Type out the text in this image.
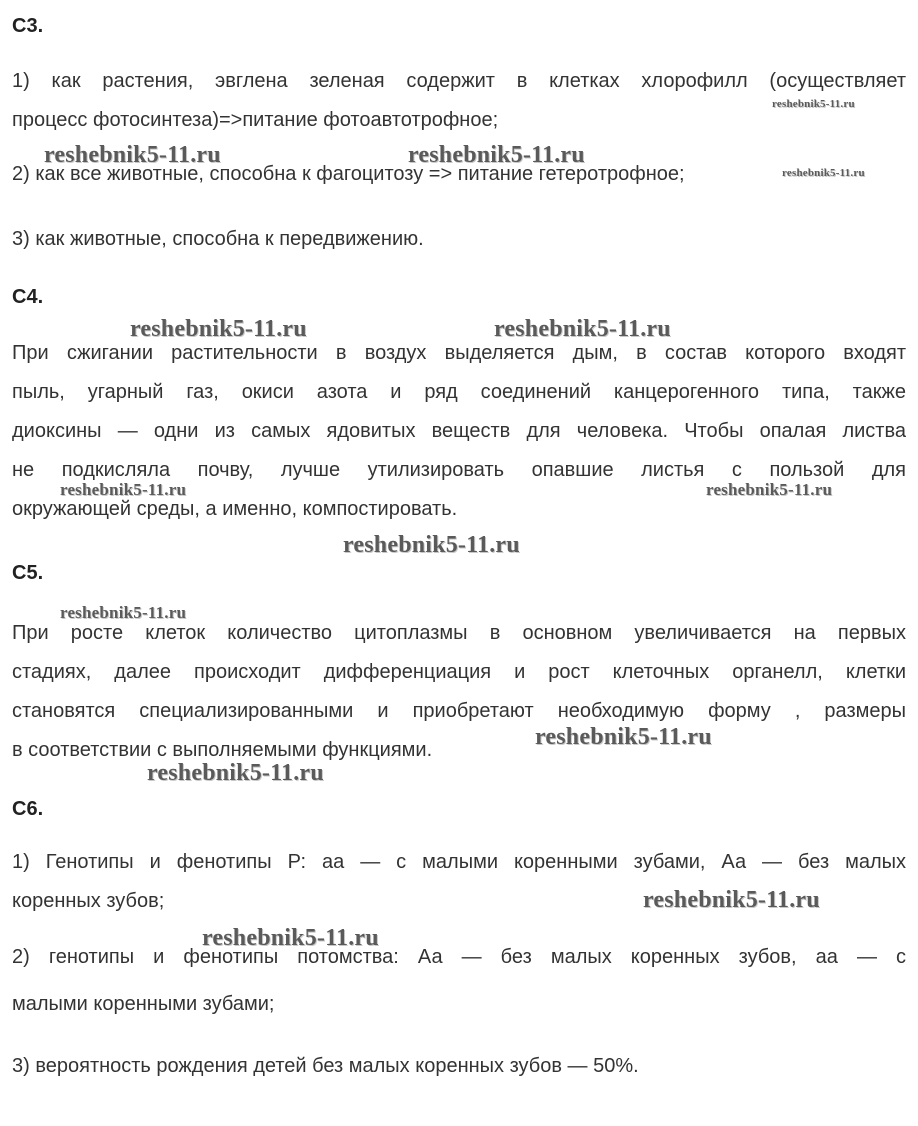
С3.
1) как растения, эвглена зеленая содержит в клетках хлорофилл (осуществляет
процесс фотосинтеза)=>питание фотоавтотрофное;
2) как все животные, способна к фагоцитозу => питание гетеротрофное;
3) как животные, способна к передвижению.
С4.
При сжигании растительности в воздух выделяется дым, в состав которого входят
пыль, угарный газ, окиси азота и ряд соединений канцерогенного типа, также
диоксины — одни из самых ядовитых веществ для человека. Чтобы опалая листва
не подкисляла почву, лучше утилизировать опавшие листья с пользой для
окружающей среды, а именно, компостировать.
С5.
При росте клеток количество цитоплазмы в основном увеличивается на первых
стадиях, далее происходит дифференциация и рост клеточных органелл, клетки
становятся специализированными и приобретают необходимую форму , размеры
в соответствии с выполняемыми функциями.
С6.
1) Генотипы и фенотипы Р: аа — с малыми коренными зубами, Аа — без малых
коренных зубов;
2) генотипы и фенотипы потомства: Аа — без малых коренных зубов, аа — с
малыми коренными зубами;
3) вероятность рождения детей без малых коренных зубов — 50%.
reshebnik5-11.ru
reshebnik5-11.ru	reshebnik5-11.ru
reshebnik5-11.ru
reshebnik5-11.ru	reshebnik5-11.ru
reshebnik5-11.ru	reshebnik5-11.ru
reshebnik5-11.ru
reshebnik5-11.ru
reshebnik5-11.ru
reshebnik5-11.ru
reshebnik5-11.ru
reshebnik5-11.ru
